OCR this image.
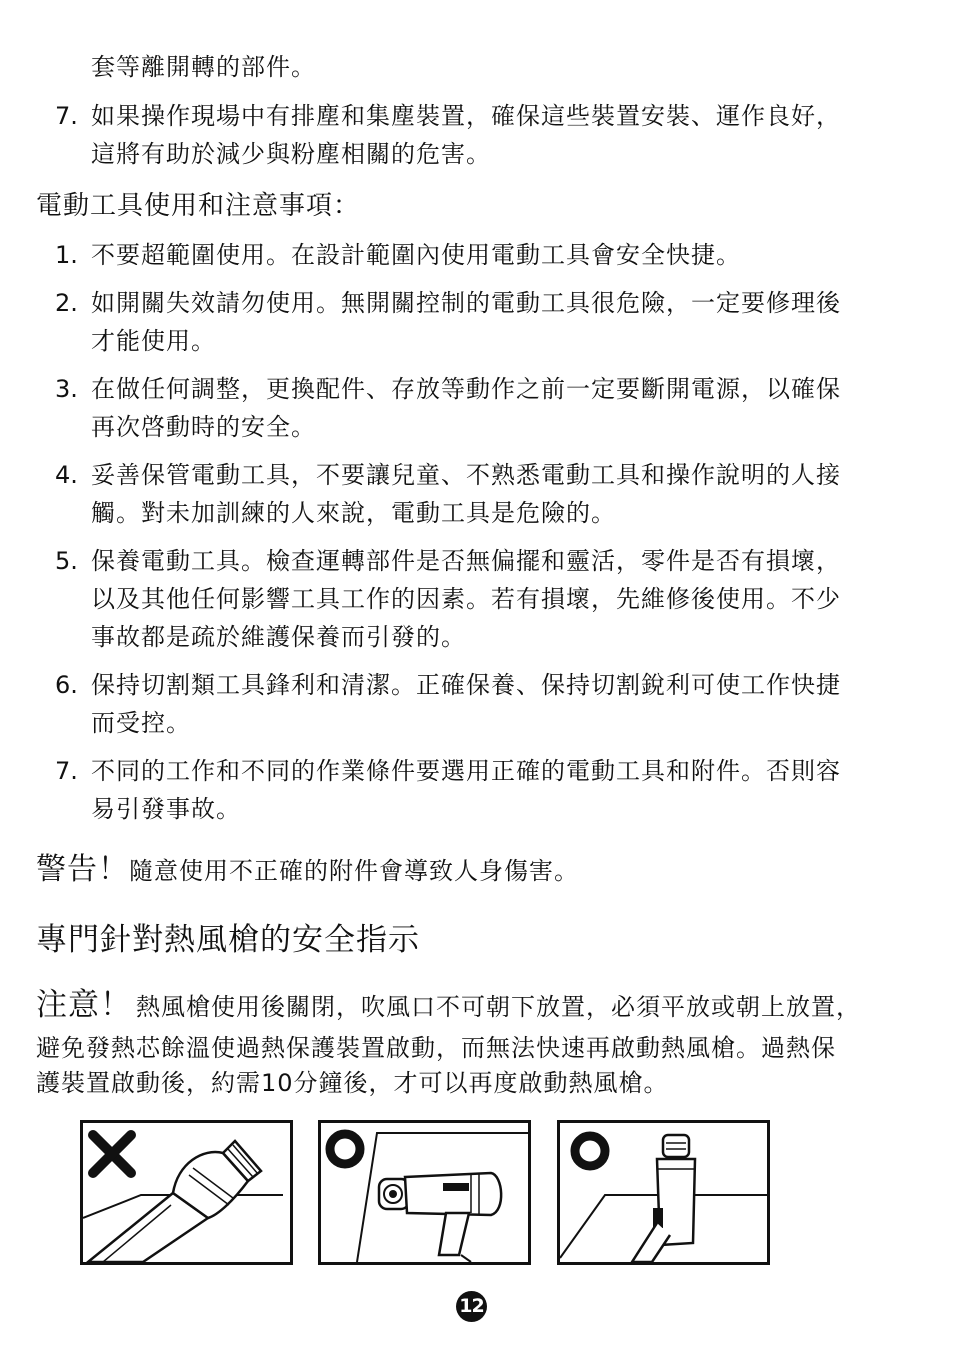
套等離開轉的部件。
7. 如果操作現場中有排塵和集塵裝置，確保這些裝置安裝、運作良好，
這將有助於減少與粉塵相關的危害。
電動工具使用和注意事項：
1. 不要超範圍使用。在設計範圍內使用電動工具會安全快捷。
2. 如開關失效請勿使用。無開關控制的電動工具很危險，一定要修理後
才能使用。
3. 在做任何調整，更換配件、存放等動作之前一定要斷開電源，以確保
再次啓動時的安全。
4. 妥善保管電動工具，不要讓兒童、不熟悉電動工具和操作說明的人接
觸。對未加訓練的人來說，電動工具是危險的。
5. 保養電動工具。檢查運轉部件是否無偏擺和靈活，零件是否有損壞，
以及其他任何影響工具工作的因素。若有損壞，先維修後使用。不少
事故都是疏於維護保養而引發的。
6. 保持切割類工具鋒利和清潔。正確保養、保持切割銳利可使工作快捷
而受控。
7. 不同的工作和不同的作業條件要選用正確的電動工具和附件。否則容
易引發事故。
警告！隨意使用不正確的附件會導致人身傷害。
專門針對熱風槍的安全指示
注意！ 熱風槍使用後關閉，吹風口不可朝下放置，必須平放或朝上放置，
避免發熱芯餘溫使過熱保護裝置啟動，而無法快速再啟動熱風槍。過熱保
護裝置啟動後，約需10分鐘後，才可以再度啟動熱風槍。
12
